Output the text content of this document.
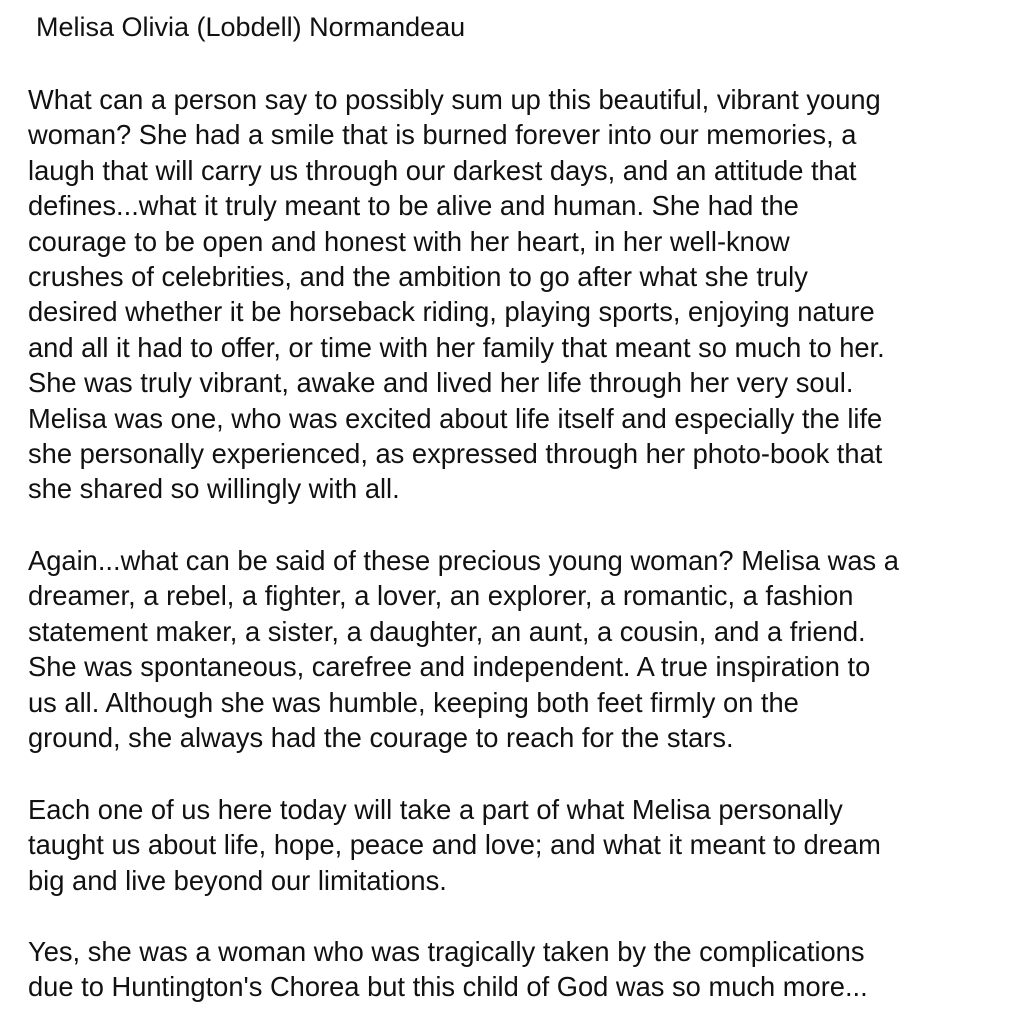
Melisa Olivia (Lobdell) Normandeau

What can a person say to possibly sum up this beautiful, vibrant young
woman? She had a smile that is burned forever into our memories, a
laugh that will carry us through our darkest days, and an attitude that
defines...what it truly meant to be alive and human. She had the
courage to be open and honest with her heart, in her well-know
crushes of celebrities, and the ambition to go after what she truly
desired whether it be horseback riding, playing sports, enjoying nature
and all it had to offer, or time with her family that meant so much to her.
She was truly vibrant, awake and lived her life through her very soul.
Melisa was one, who was excited about life itself and especially the life
she personally experienced, as expressed through her photo-book that
she shared so willingly with all.

Again...what can be said of these precious young woman? Melisa was a
dreamer, a rebel, a fighter, a lover, an explorer, a romantic, a fashion
statement maker, a sister, a daughter, an aunt, a cousin, and a friend.
She was spontaneous, carefree and independent. A true inspiration to
us all. Although she was humble, keeping both feet firmly on the
ground, she always had the courage to reach for the stars.

Each one of us here today will take a part of what Melisa personally
taught us about life, hope, peace and love; and what it meant to dream
big and live beyond our limitations.

Yes, she was a woman who was tragically taken by the complications
due to Huntington's Chorea but this child of God was so much more...
